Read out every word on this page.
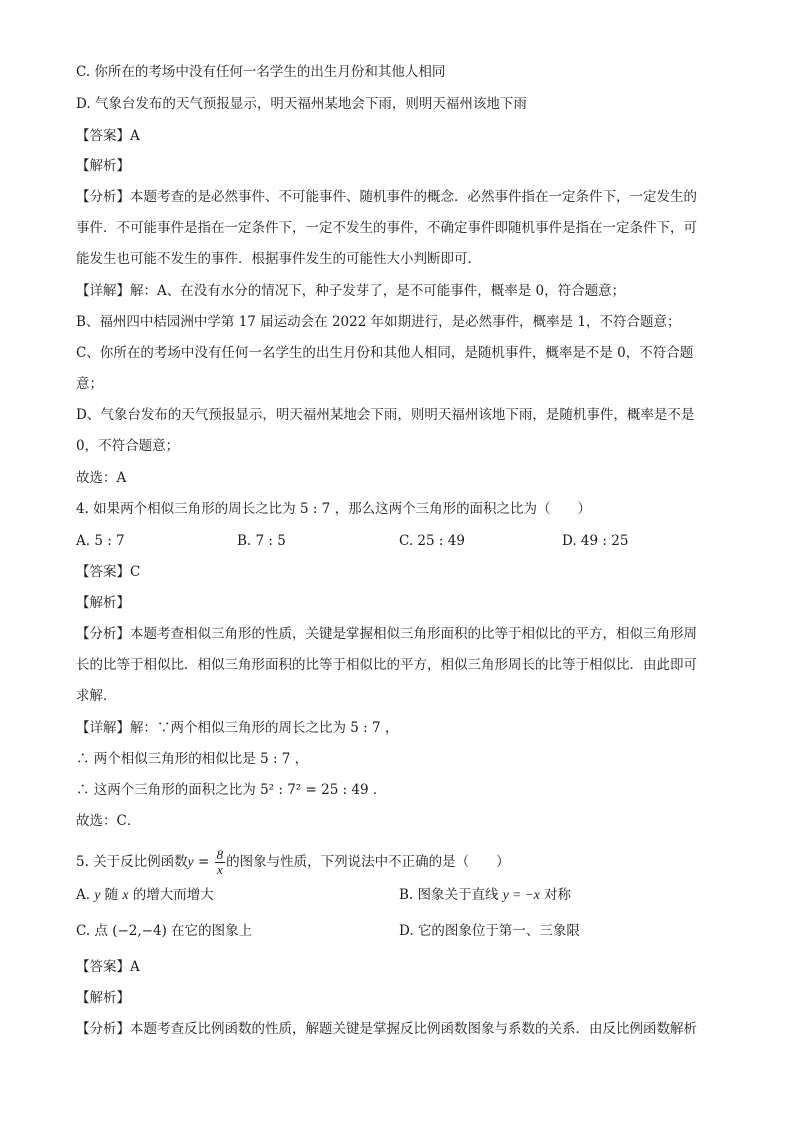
C. 你所在的考场中没有任何一名学生的出生月份和其他人相同
D. 气象台发布的天气预报显示，明天福州某地会下雨，则明天福州该地下雨
【答案】A
【解析】
【分析】本题考查的是必然事件、不可能事件、随机事件的概念．必然事件指在一定条件下，一定发生的
事件．不可能事件是指在一定条件下，一定不发生的事件，不确定事件即随机事件是指在一定条件下，可
能发生也可能不发生的事件．根据事件发生的可能性大小判断即可．
【详解】解：A、在没有水分的情况下，种子发芽了，是不可能事件，概率是 0，符合题意；
B、福州四中桔园洲中学第 17 届运动会在 2022 年如期进行，是必然事件，概率是 1，不符合题意；
C、你所在的考场中没有任何一名学生的出生月份和其他人相同，是随机事件，概率是不是 0，不符合题
意；
D、气象台发布的天气预报显示，明天福州某地会下雨，则明天福州该地下雨，是随机事件，概率是不是
0，不符合题意；
故选：A
4. 如果两个相似三角形的周长之比为 5 : 7 ，那么这两个三角形的面积之比为（　　）
A. 5 : 7	B. 7 : 5	C. 25 : 49	D. 49 : 25
【答案】C
【解析】
【分析】本题考查相似三角形的性质，关键是掌握相似三角形面积的比等于相似比的平方，相似三角形周
长的比等于相似比．相似三角形面积的比等于相似比的平方，相似三角形周长的比等于相似比．由此即可
求解．
【详解】解：∵两个相似三角形的周长之比为 5 : 7 ，
∴ 两个相似三角形的相似比是 5 : 7 ，
∴ 这两个三角形的面积之比为 5² : 7² = 25 : 49 ．
故选：C．
5. 关于反比例函数$y = \frac{8}{x}$ 的图象与性质，下列说法中不正确的是（　　）
A. y 随 x 的增大而增大	B. 图象关于直线 y = −x 对称
C. 点 (−2,−4) 在它的图象上	D. 它的图象位于第一、三象限
【答案】A
【解析】
【分析】本题考查反比例函数的性质，解题关键是掌握反比例函数图象与系数的关系．由反比例函数解析
